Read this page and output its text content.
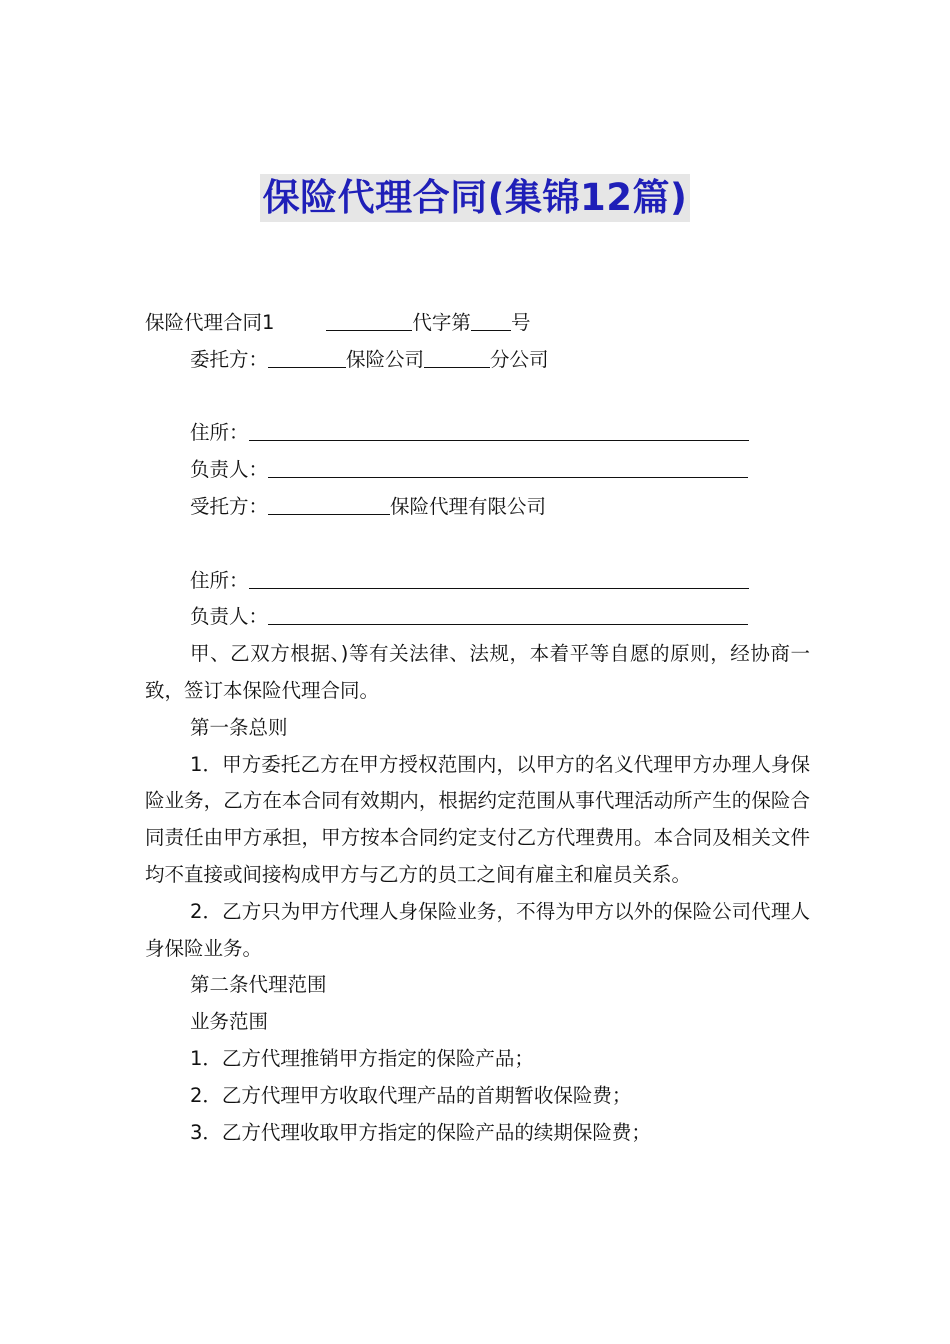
保险代理合同(集锦12篇)
保险代理合同1	代字第 号
委托方：	保险公司	分公司
住所：
负责人：
受托方：	保险代理有限公司
住所：
负责人：
甲、乙双方根据、)等有关法律、法规，本着平等自愿的原则，经协商一致，签订本保险代理合同。
第一条总则
1．甲方委托乙方在甲方授权范围内，以甲方的名义代理甲方办理人身保险业务，乙方在本合同有效期内，根据约定范围从事代理活动所产生的保险合同责任由甲方承担，甲方按本合同约定支付乙方代理费用。本合同及相关文件均不直接或间接构成甲方与乙方的员工之间有雇主和雇员关系。
2．乙方只为甲方代理人身保险业务，不得为甲方以外的保险公司代理人身保险业务。
第二条代理范围
业务范围
1．乙方代理推销甲方指定的保险产品；
2．乙方代理甲方收取代理产品的首期暂收保险费；
3．乙方代理收取甲方指定的保险产品的续期保险费；
